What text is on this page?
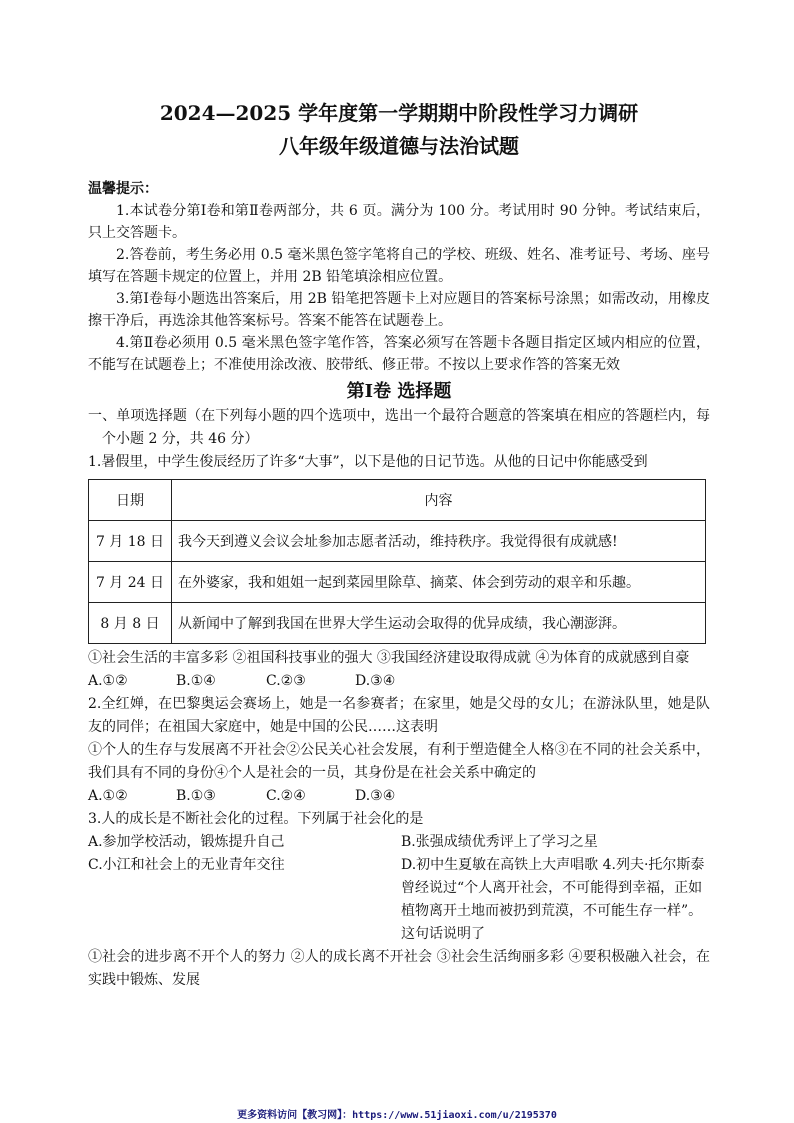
2024—2025 学年度第一学期期中阶段性学习力调研
八年级年级道德与法治试题
温馨提示：

1.本试卷分第Ⅰ卷和第Ⅱ卷两部分，共 6 页。满分为 100 分。考试用时 90 分钟。考试结束后，只上交答题卡。

2.答卷前，考生务必用 0.5 毫米黑色签字笔将自己的学校、班级、姓名、准考证号、考场、座号填写在答题卡规定的位置上，并用 2B 铅笔填涂相应位置。

3.第Ⅰ卷每小题选出答案后，用 2B 铅笔把答题卡上对应题目的答案标号涂黑；如需改动，用橡皮擦干净后，再选涂其他答案标号。答案不能答在试题卷上。

4.第Ⅱ卷必须用 0.5 毫米黑色签字笔作答，答案必须写在答题卡各题目指定区域内相应的位置，不能写在试题卷上；不准使用涂改液、胶带纸、修正带。不按以上要求作答的答案无效

第Ⅰ卷 选择题

一、单项选择题（在下列每小题的四个选项中，选出一个最符合题意的答案填在相应的答题栏内，每个小题 2 分，共 46 分）

1.暑假里，中学生俊辰经历了许多“大事”，以下是他的日记节选。从他的日记中你能感受到

日期	内容
7 月 18 日	我今天到遵义会议会址参加志愿者活动，维持秩序。我觉得很有成就感!
7 月 24 日	在外婆家，我和姐姐一起到菜园里除草、摘菜、体会到劳动的艰辛和乐趣。
8 月 8 日	从新闻中了解到我国在世界大学生运动会取得的优异成绩，我心潮澎湃。

①社会生活的丰富多彩 ②祖国科技事业的强大 ③我国经济建设取得成就 ④为体育的成就感到自豪

A.①②	B.①④	C.②③	D.③④

2.全红婵，在巴黎奥运会赛场上，她是一名参赛者；在家里，她是父母的女儿；在游泳队里，她是队友的同伴；在祖国大家庭中，她是中国的公民……这表明

①个人的生存与发展离不开社会②公民关心社会发展，有利于塑造健全人格③在不同的社会关系中，我们具有不同的身份④个人是社会的一员，其身份是在社会关系中确定的

A.①②	B.①③	C.②④	D.③④

3.人的成长是不断社会化的过程。下列属于社会化的是

A.参加学校活动，锻炼提升自己	B.张强成绩优秀评上了学习之星
C.小江和社会上的无业青年交往	D.初中生夏敏在高铁上大声唱歌 4.列夫·托尔斯泰曾经说过“个人离开社会，不可能得到幸福，正如植物离开土地而被扔到荒漠，不可能生存一样”。这句话说明了

①社会的进步离不开个人的努力 ②人的成长离不开社会 ③社会生活绚丽多彩 ④要积极融入社会，在实践中锻炼、发展

更多资料访问【教习网】：https://www.51jiaoxi.com/u/2195370
